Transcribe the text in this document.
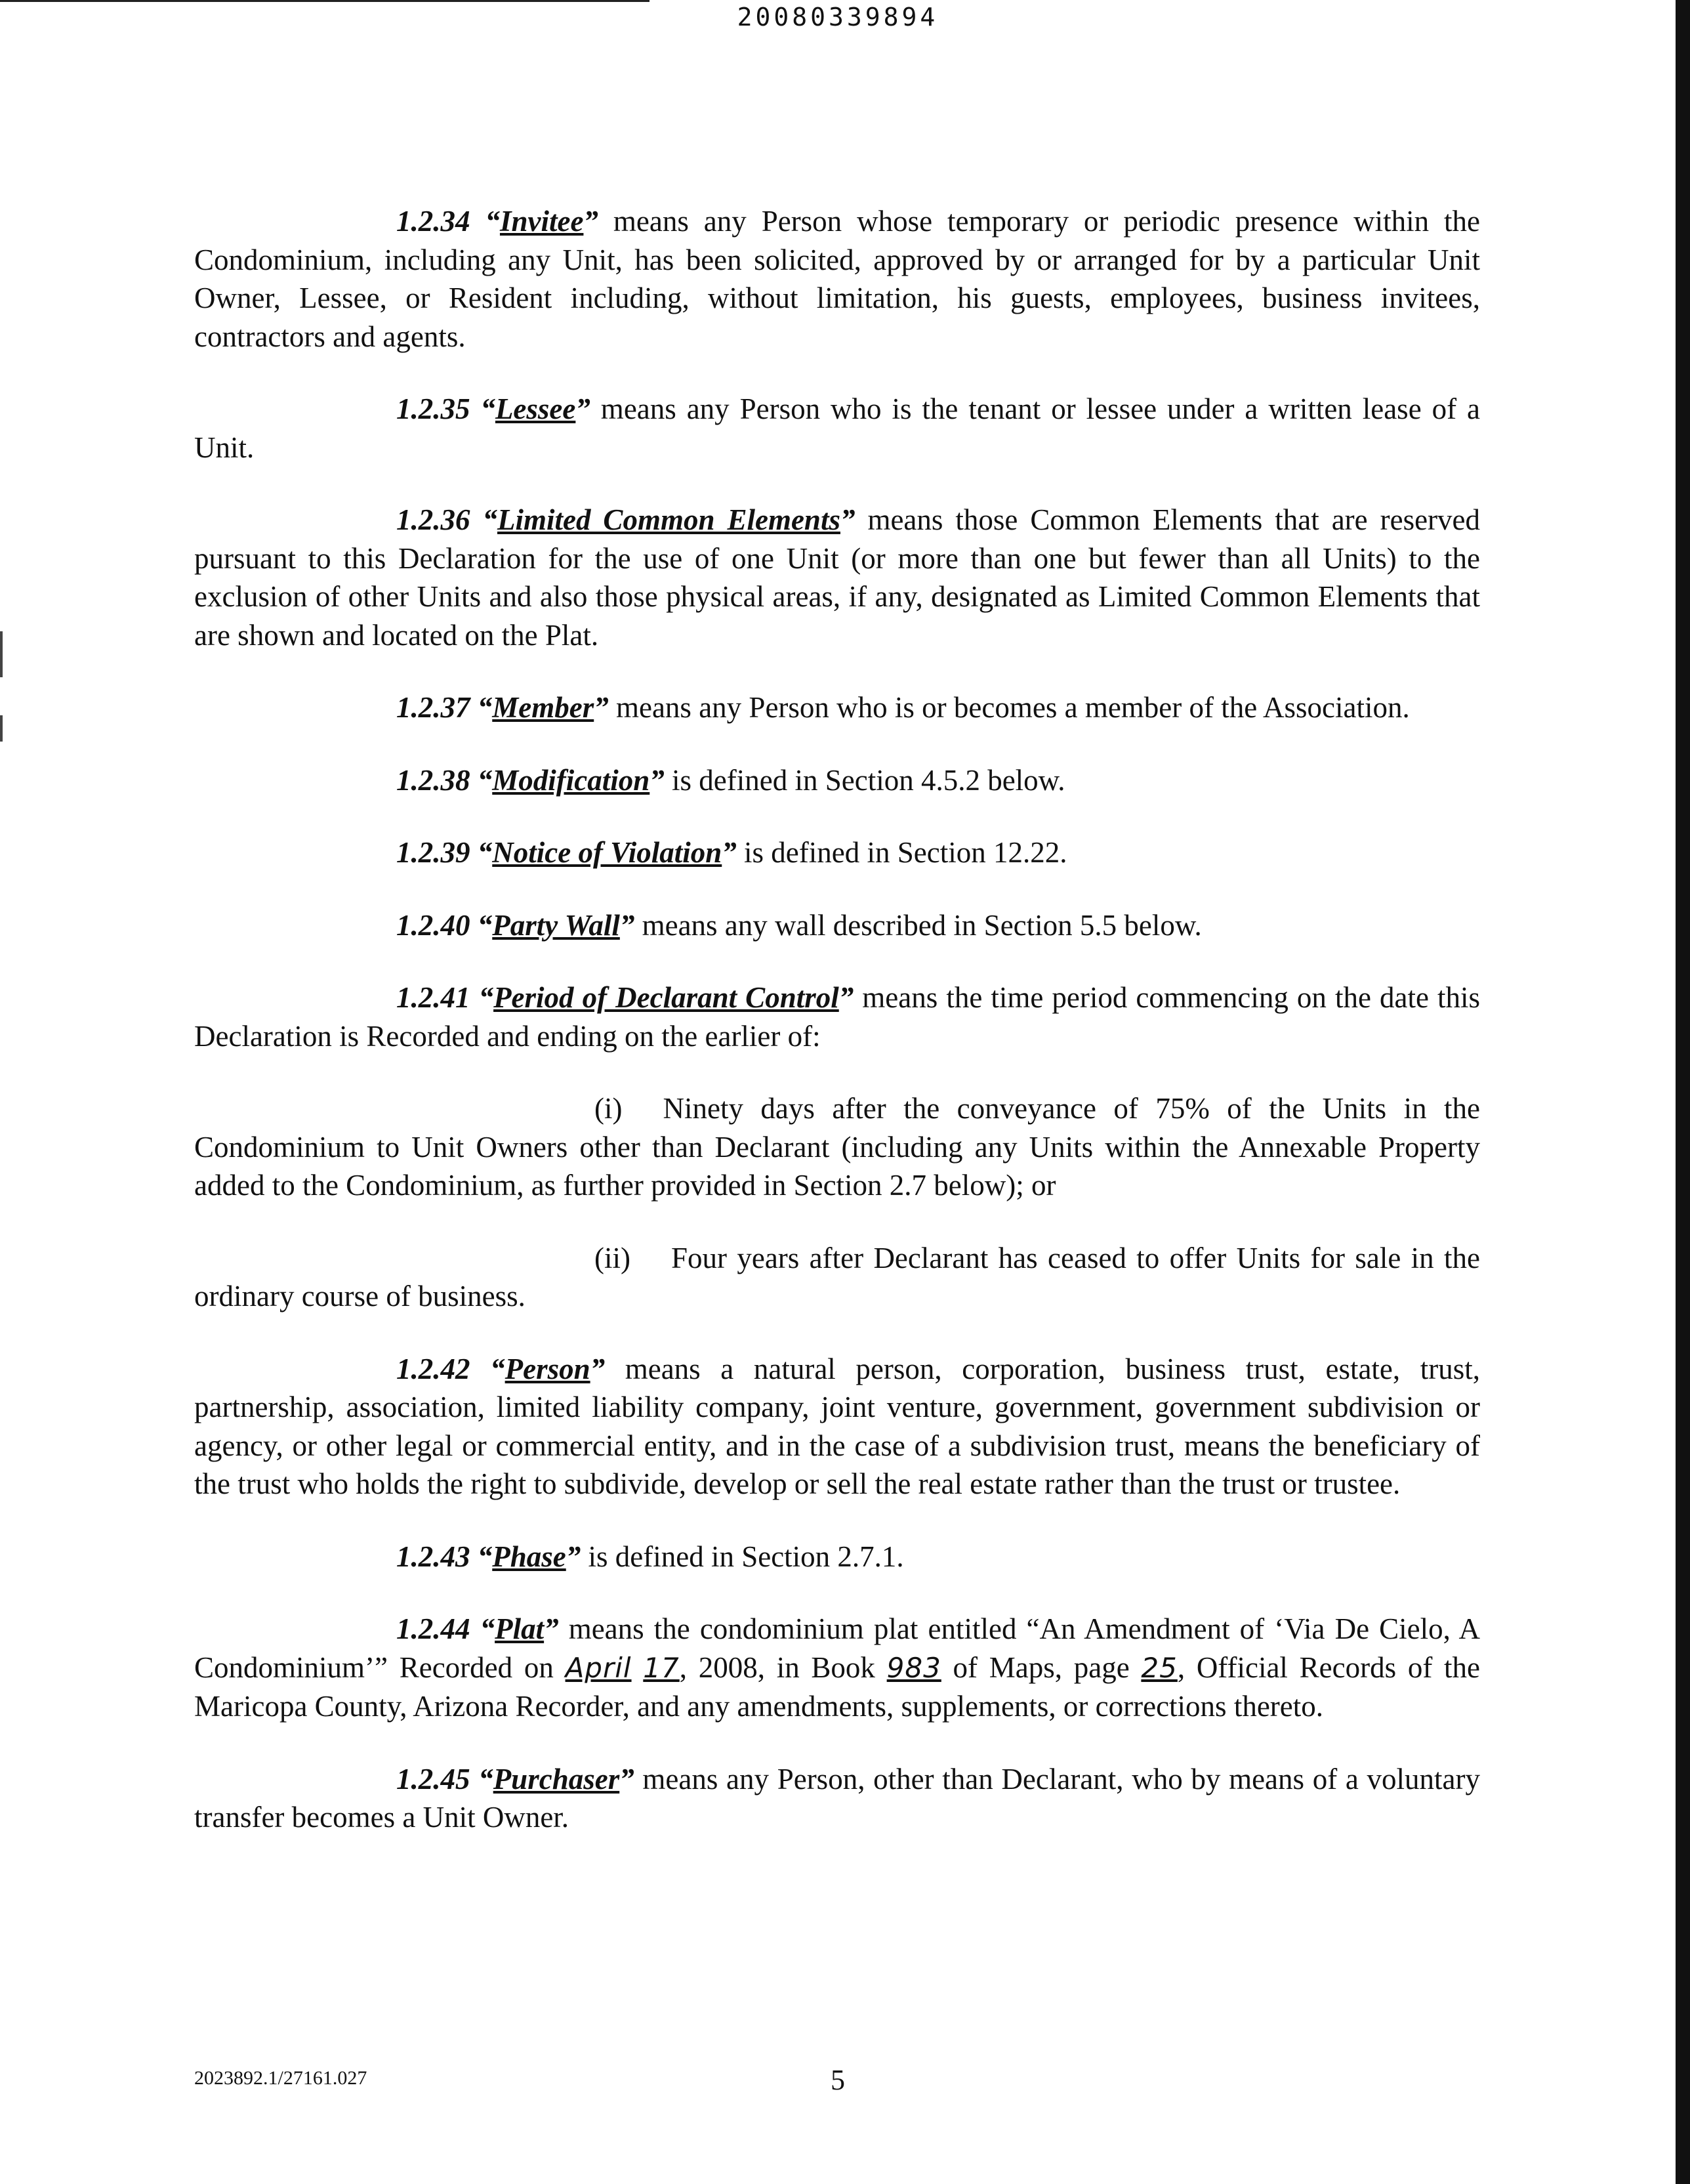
20080339894

1.2.34 “Invitee” means any Person whose temporary or periodic presence within the Condominium, including any Unit, has been solicited, approved by or arranged for by a particular Unit Owner, Lessee, or Resident including, without limitation, his guests, employees, business invitees, contractors and agents.

1.2.35 “Lessee” means any Person who is the tenant or lessee under a written lease of a Unit.

1.2.36 “Limited Common Elements” means those Common Elements that are reserved pursuant to this Declaration for the use of one Unit (or more than one but fewer than all Units) to the exclusion of other Units and also those physical areas, if any, designated as Limited Common Elements that are shown and located on the Plat.

1.2.37 “Member” means any Person who is or becomes a member of the Association.

1.2.38 “Modification” is defined in Section 4.5.2 below.

1.2.39 “Notice of Violation” is defined in Section 12.22.

1.2.40 “Party Wall” means any wall described in Section 5.5 below.

1.2.41 “Period of Declarant Control” means the time period commencing on the date this Declaration is Recorded and ending on the earlier of:

(i) Ninety days after the conveyance of 75% of the Units in the Condominium to Unit Owners other than Declarant (including any Units within the Annexable Property added to the Condominium, as further provided in Section 2.7 below); or

(ii) Four years after Declarant has ceased to offer Units for sale in the ordinary course of business.

1.2.42 “Person” means a natural person, corporation, business trust, estate, trust, partnership, association, limited liability company, joint venture, government, government subdivision or agency, or other legal or commercial entity, and in the case of a subdivision trust, means the beneficiary of the trust who holds the right to subdivide, develop or sell the real estate rather than the trust or trustee.

1.2.43 “Phase” is defined in Section 2.7.1.

1.2.44 “Plat” means the condominium plat entitled “An Amendment of ‘Via De Cielo, A Condominium’” Recorded on April 17, 2008, in Book 983 of Maps, page 25, Official Records of the Maricopa County, Arizona Recorder, and any amendments, supplements, or corrections thereto.

1.2.45 “Purchaser” means any Person, other than Declarant, who by means of a voluntary transfer becomes a Unit Owner.

2023892.1/27161.027	5
